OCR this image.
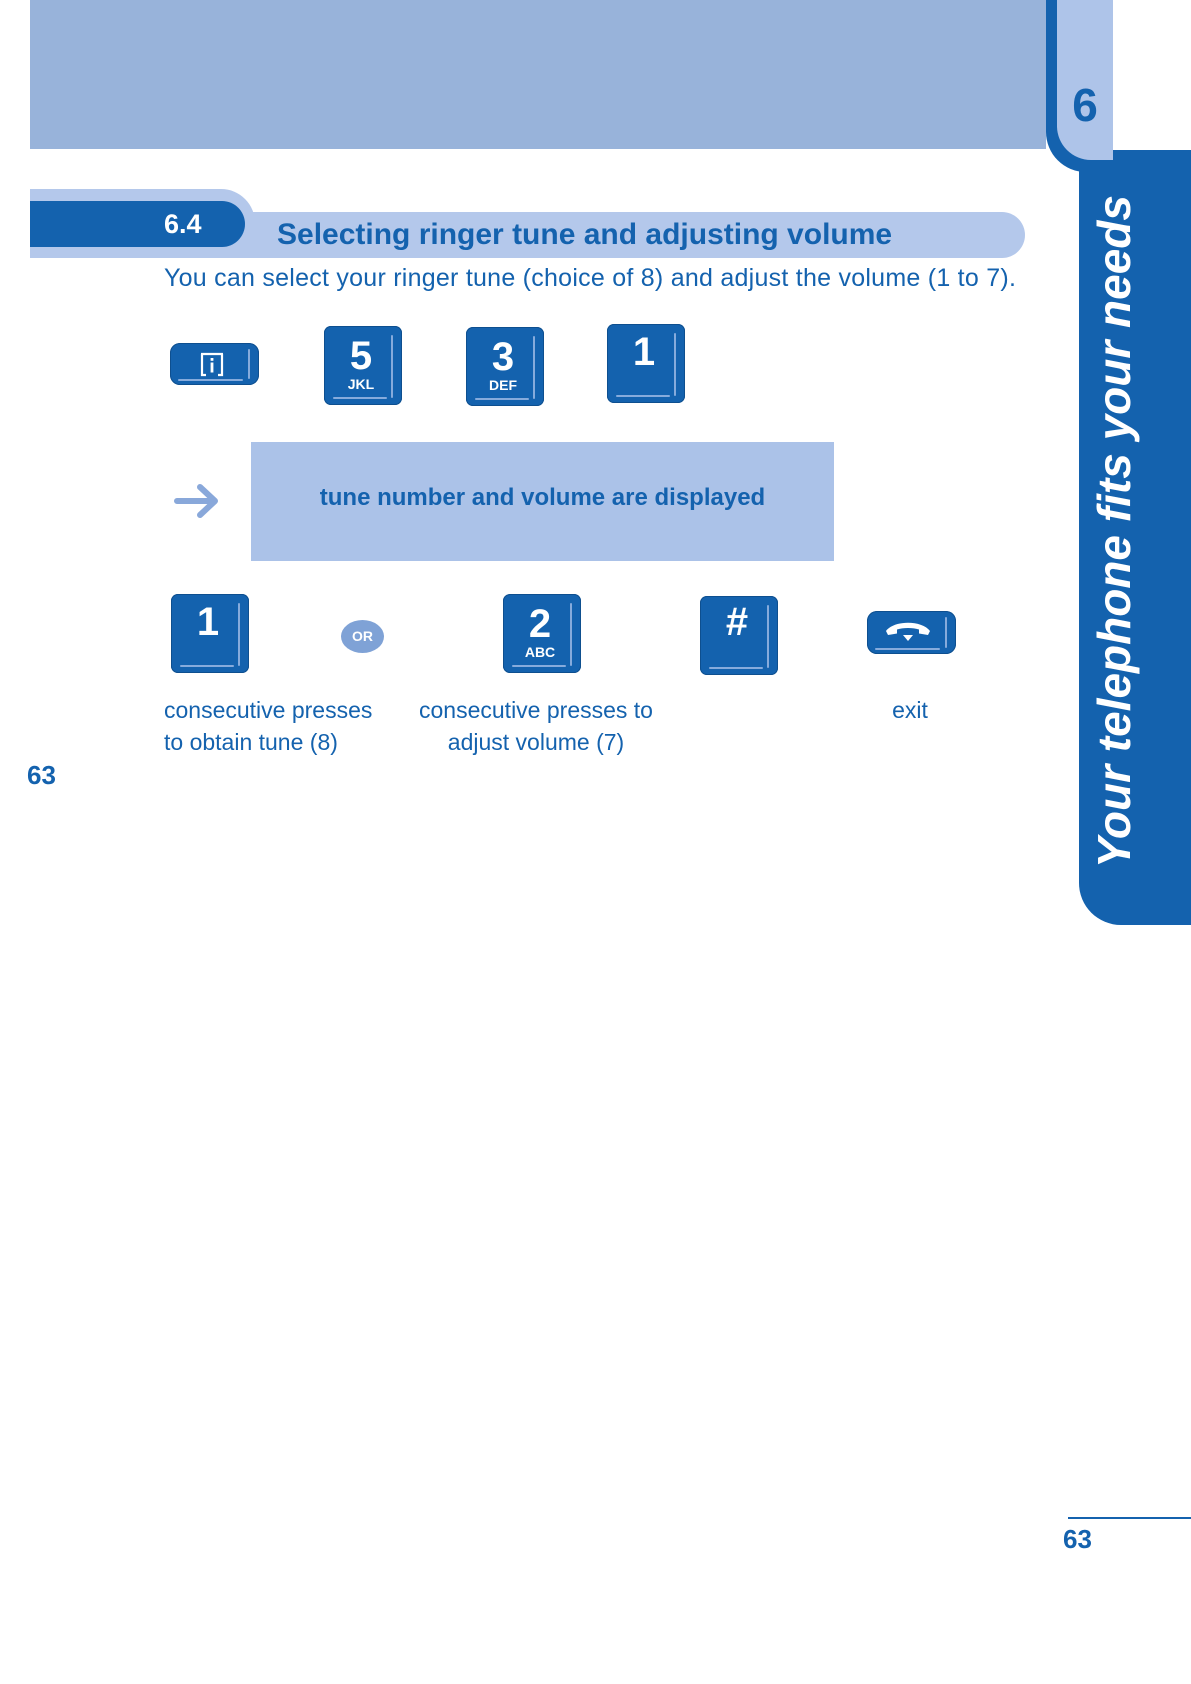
6
Your telephone fits your needs
6.4	Selecting ringer tune and adjusting volume

You can select your ringer tune (choice of 8) and adjust the volume (1 to 7).

5
JKL
3
DEF
1
tune number and volume are displayed
1	OR	2
ABC
#
consecutive presses
to obtain tune (8)
consecutive presses to
adjust volume (7)
exit
63
63
